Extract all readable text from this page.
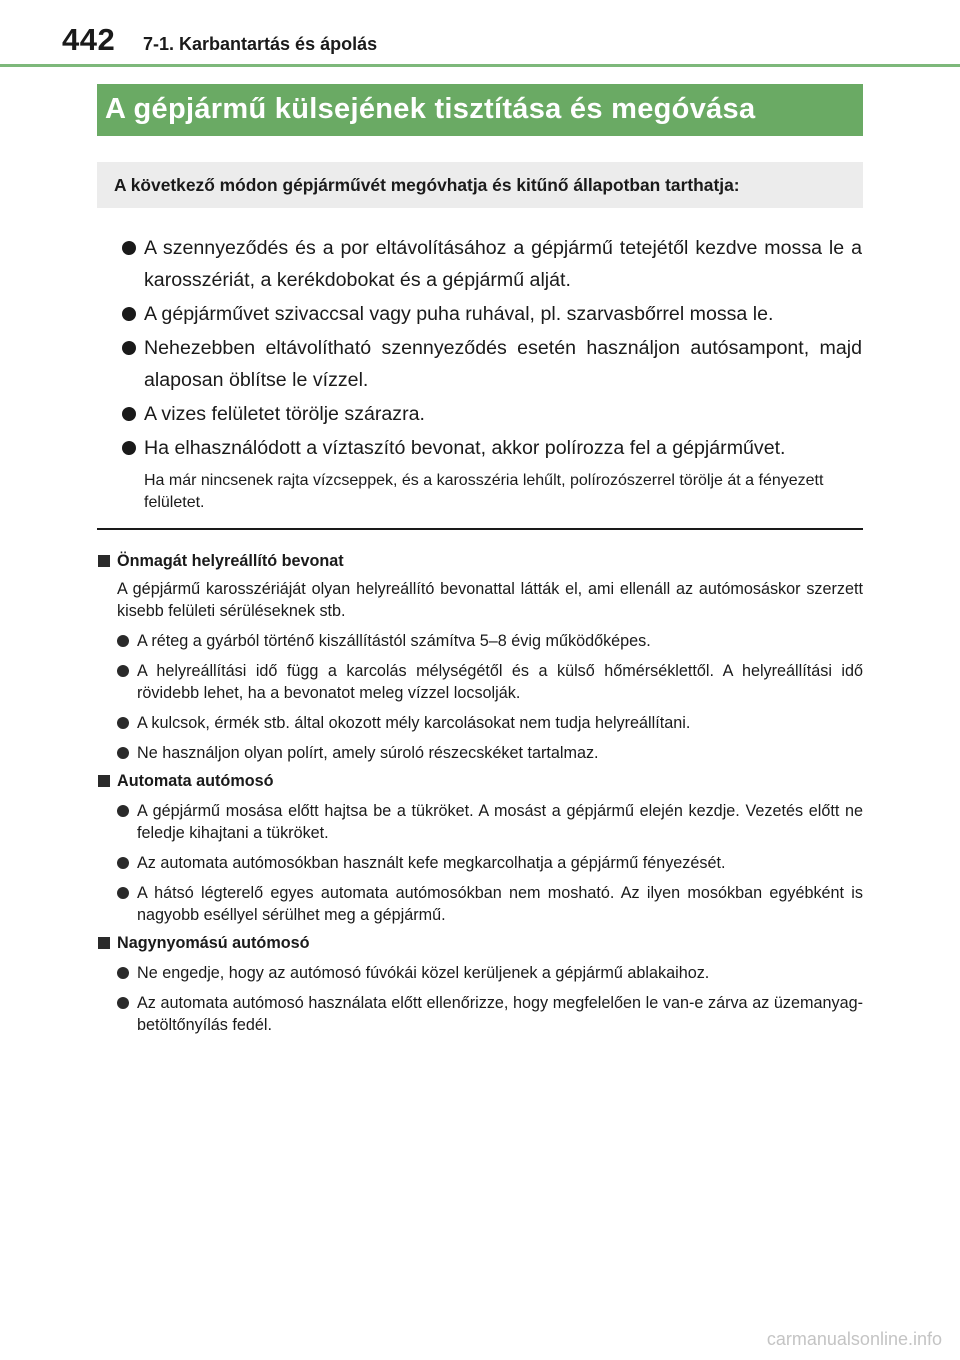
442 7-1. Karbantartás és ápolás
A gépjármű külsejének tisztítása és megóvása
A következő módon gépjárművét megóvhatja és kitűnő állapotban tarthatja:
A szennyeződés és a por eltávolításához a gépjármű tetejétől kezdve mossa le a karosszériát, a kerékdobokat és a gépjármű alját.
A gépjárművet szivaccsal vagy puha ruhával, pl. szarvasbőrrel mossa le.
Nehezebben eltávolítható szennyeződés esetén használjon autósampont, majd alaposan öblítse le vízzel.
A vizes felületet törölje szárazra.
Ha elhasználódott a víztaszító bevonat, akkor polírozza fel a gépjárművet.
Ha már nincsenek rajta vízcseppek, és a karosszéria lehűlt, polírozószerrel törölje át a fényezett felületet.
Önmagát helyreállító bevonat
A gépjármű karosszériáját olyan helyreállító bevonattal látták el, ami ellenáll az autómosáskor szerzett kisebb felületi sérüléseknek stb.
A réteg a gyárból történő kiszállítástól számítva 5–8 évig működőképes.
A helyreállítási idő függ a karcolás mélységétől és a külső hőmérséklettől. A helyreállítási idő rövidebb lehet, ha a bevonatot meleg vízzel locsolják.
A kulcsok, érmék stb. által okozott mély karcolásokat nem tudja helyreállítani.
Ne használjon olyan polírt, amely súroló részecskéket tartalmaz.
Automata autómosó
A gépjármű mosása előtt hajtsa be a tükröket. A mosást a gépjármű elején kezdje. Vezetés előtt ne feledje kihajtani a tükröket.
Az automata autómosókban használt kefe megkarcolhatja a gépjármű fényezését.
A hátsó légterelő egyes automata autómosókban nem mosható. Az ilyen mosókban egyébként is nagyobb eséllyel sérülhet meg a gépjármű.
Nagynyomású autómosó
Ne engedje, hogy az autómosó fúvókái közel kerüljenek a gépjármű ablakaihoz.
Az automata autómosó használata előtt ellenőrizze, hogy megfelelően le van-e zárva az üzemanyag-betöltőnyílás fedél.
carmanualsonline.info
